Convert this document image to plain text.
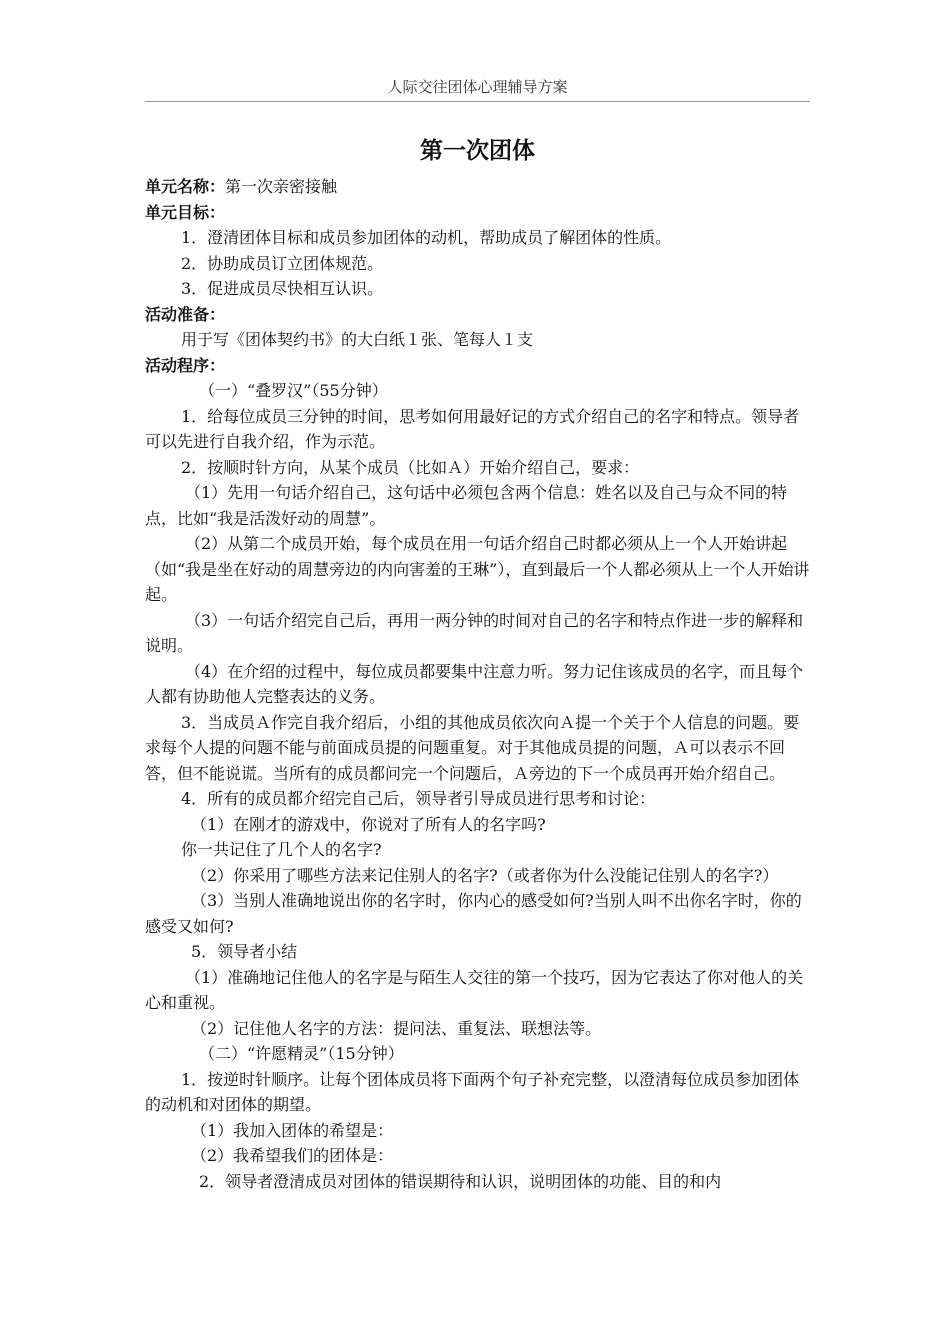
人际交往团体心理辅导方案
第一次团体

单元名称：第一次亲密接触

单元目标：

1．澄清团体目标和成员参加团体的动机，帮助成员了解团体的性质。

2．协助成员订立团体规范。

3．促进成员尽快相互认识。

活动准备：

用于写《团体契约书》的大白纸１张、笔每人１支

活动程序：

（一）“叠罗汉”（55分钟）

1．给每位成员三分钟的时间，思考如何用最好记的方式介绍自己的名字和特点。领导者可以先进行自我介绍，作为示范。

2．按顺时针方向，从某个成员（比如Ａ）开始介绍自己，要求：

（1）先用一句话介绍自己，这句话中必须包含两个信息：姓名以及自己与众不同的特点，比如“我是活泼好动的周慧”。

（2）从第二个成员开始，每个成员在用一句话介绍自己时都必须从上一个人开始讲起（如“我是坐在好动的周慧旁边的内向害羞的王琳”），直到最后一个人都必须从上一个人开始讲起。

（3）一句话介绍完自己后，再用一两分钟的时间对自己的名字和特点作进一步的解释和说明。

（4）在介绍的过程中，每位成员都要集中注意力听。努力记住该成员的名字，而且每个人都有协助他人完整表达的义务。

3．当成员Ａ作完自我介绍后，小组的其他成员依次向Ａ提一个关于个人信息的问题。要求每个人提的问题不能与前面成员提的问题重复。对于其他成员提的问题，Ａ可以表示不回答，但不能说谎。当所有的成员都问完一个问题后，Ａ旁边的下一个成员再开始介绍自己。

4．所有的成员都介绍完自己后，领导者引导成员进行思考和讨论：

（1）在刚才的游戏中，你说对了所有人的名字吗?

你一共记住了几个人的名字?

（2）你采用了哪些方法来记住别人的名字?（或者你为什么没能记住别人的名字?）

（3）当别人准确地说出你的名字时，你内心的感受如何?当别人叫不出你名字时，你的感受又如何?

5．领导者小结

（1）准确地记住他人的名字是与陌生人交往的第一个技巧，因为它表达了你对他人的关心和重视。

（2）记住他人名字的方法：提问法、重复法、联想法等。

（二）“许愿精灵”（15分钟）

1．按逆时针顺序。让每个团体成员将下面两个句子补充完整，以澄清每位成员参加团体的动机和对团体的期望。

（1）我加入团体的希望是：

（2）我希望我们的团体是：

2．领导者澄清成员对团体的错误期待和认识，说明团体的功能、目的和内
